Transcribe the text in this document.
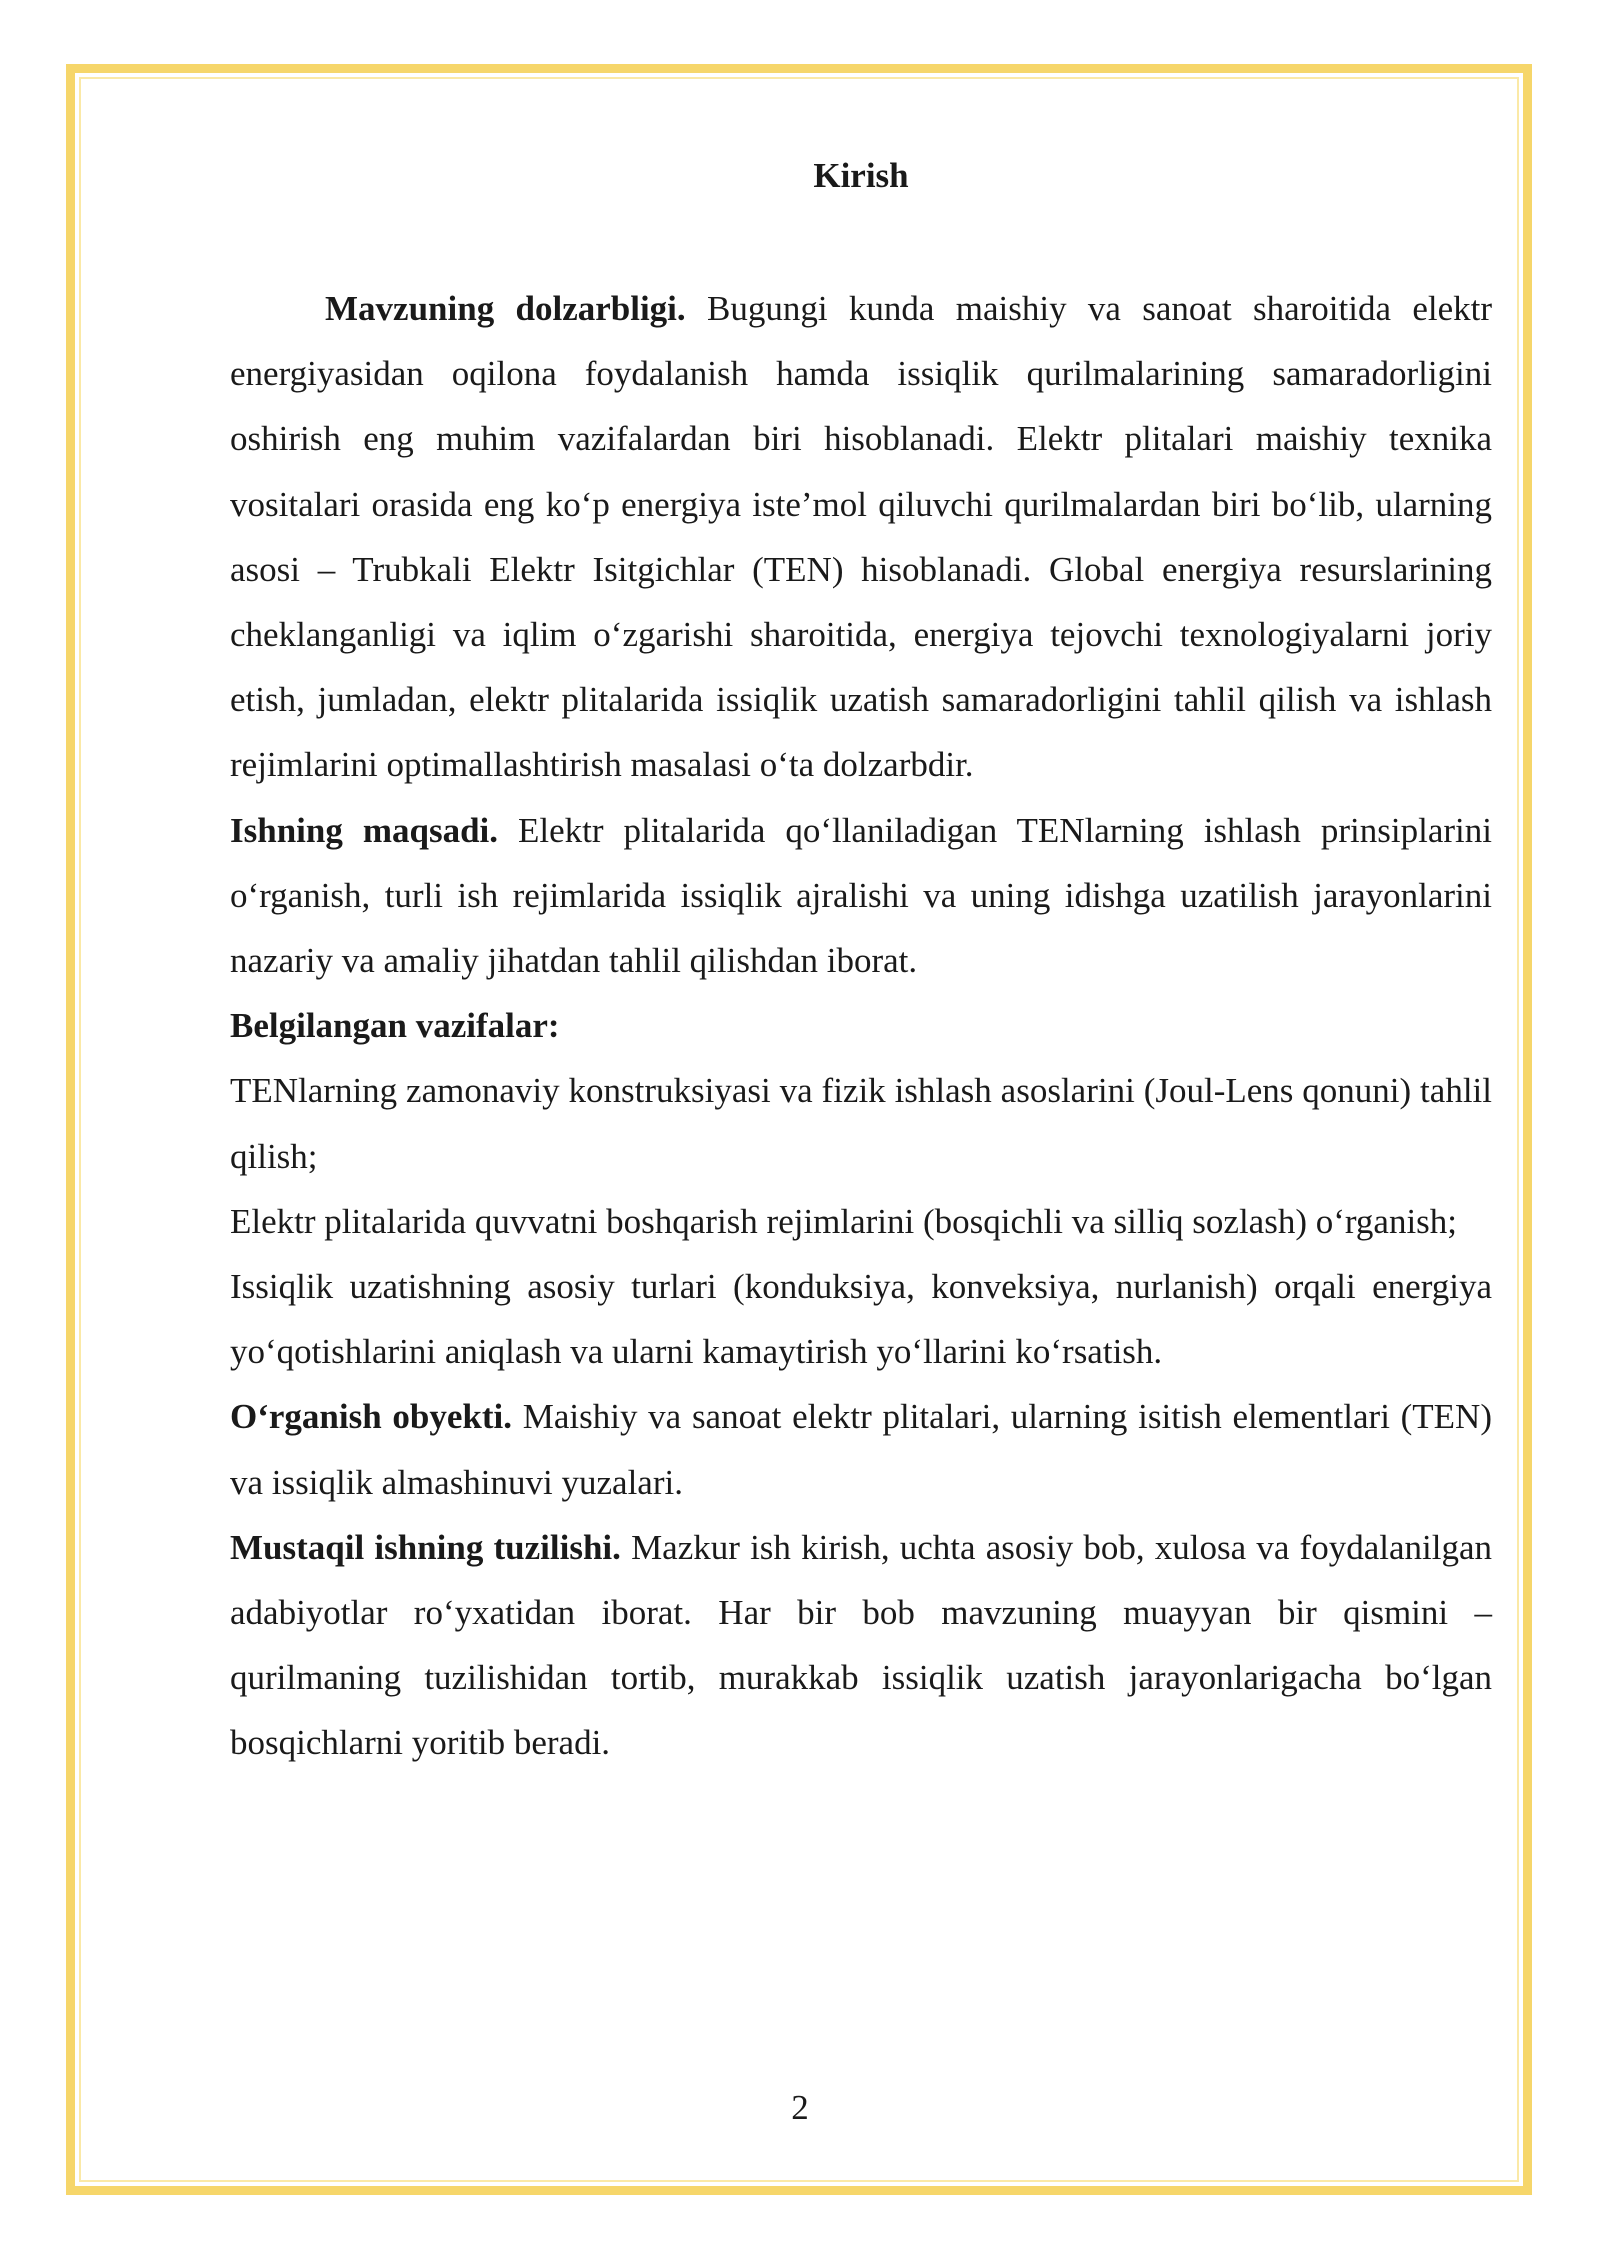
Kirish

Mavzuning dolzarbligi. Bugungi kunda maishiy va sanoat sharoitida elektr energiyasidan oqilona foydalanish hamda issiqlik qurilmalarining samaradorligini oshirish eng muhim vazifalardan biri hisoblanadi. Elektr plitalari maishiy texnika vositalari orasida eng ko‘p energiya iste’mol qiluvchi qurilmalardan biri bo‘lib, ularning asosi – Trubkali Elektr Isitgichlar (TEN) hisoblanadi. Global energiya resurslarining cheklanganligi va iqlim o‘zgarishi sharoitida, energiya tejovchi texnologiyalarni joriy etish, jumladan, elektr plitalarida issiqlik uzatish samaradorligini tahlil qilish va ishlash rejimlarini optimallashtirish masalasi o‘ta dolzarbdir.

Ishning maqsadi. Elektr plitalarida qo‘llaniladigan TENlarning ishlash prinsiplarini o‘rganish, turli ish rejimlarida issiqlik ajralishi va uning idishga uzatilish jarayonlarini nazariy va amaliy jihatdan tahlil qilishdan iborat.

Belgilangan vazifalar:

TENlarning zamonaviy konstruksiyasi va fizik ishlash asoslarini (Joul-Lens qonuni) tahlil qilish;

Elektr plitalarida quvvatni boshqarish rejimlarini (bosqichli va silliq sozlash) o‘rganish;

Issiqlik uzatishning asosiy turlari (konduksiya, konveksiya, nurlanish) orqali energiya yo‘qotishlarini aniqlash va ularni kamaytirish yo‘llarini ko‘rsatish.

O‘rganish obyekti. Maishiy va sanoat elektr plitalari, ularning isitish elementlari (TEN) va issiqlik almashinuvi yuzalari.

Mustaqil ishning tuzilishi. Mazkur ish kirish, uchta asosiy bob, xulosa va foydalanilgan adabiyotlar ro‘yxatidan iborat. Har bir bob mavzuning muayyan bir qismini – qurilmaning tuzilishidan tortib, murakkab issiqlik uzatish jarayonlarigacha bo‘lgan bosqichlarni yoritib beradi.

2
